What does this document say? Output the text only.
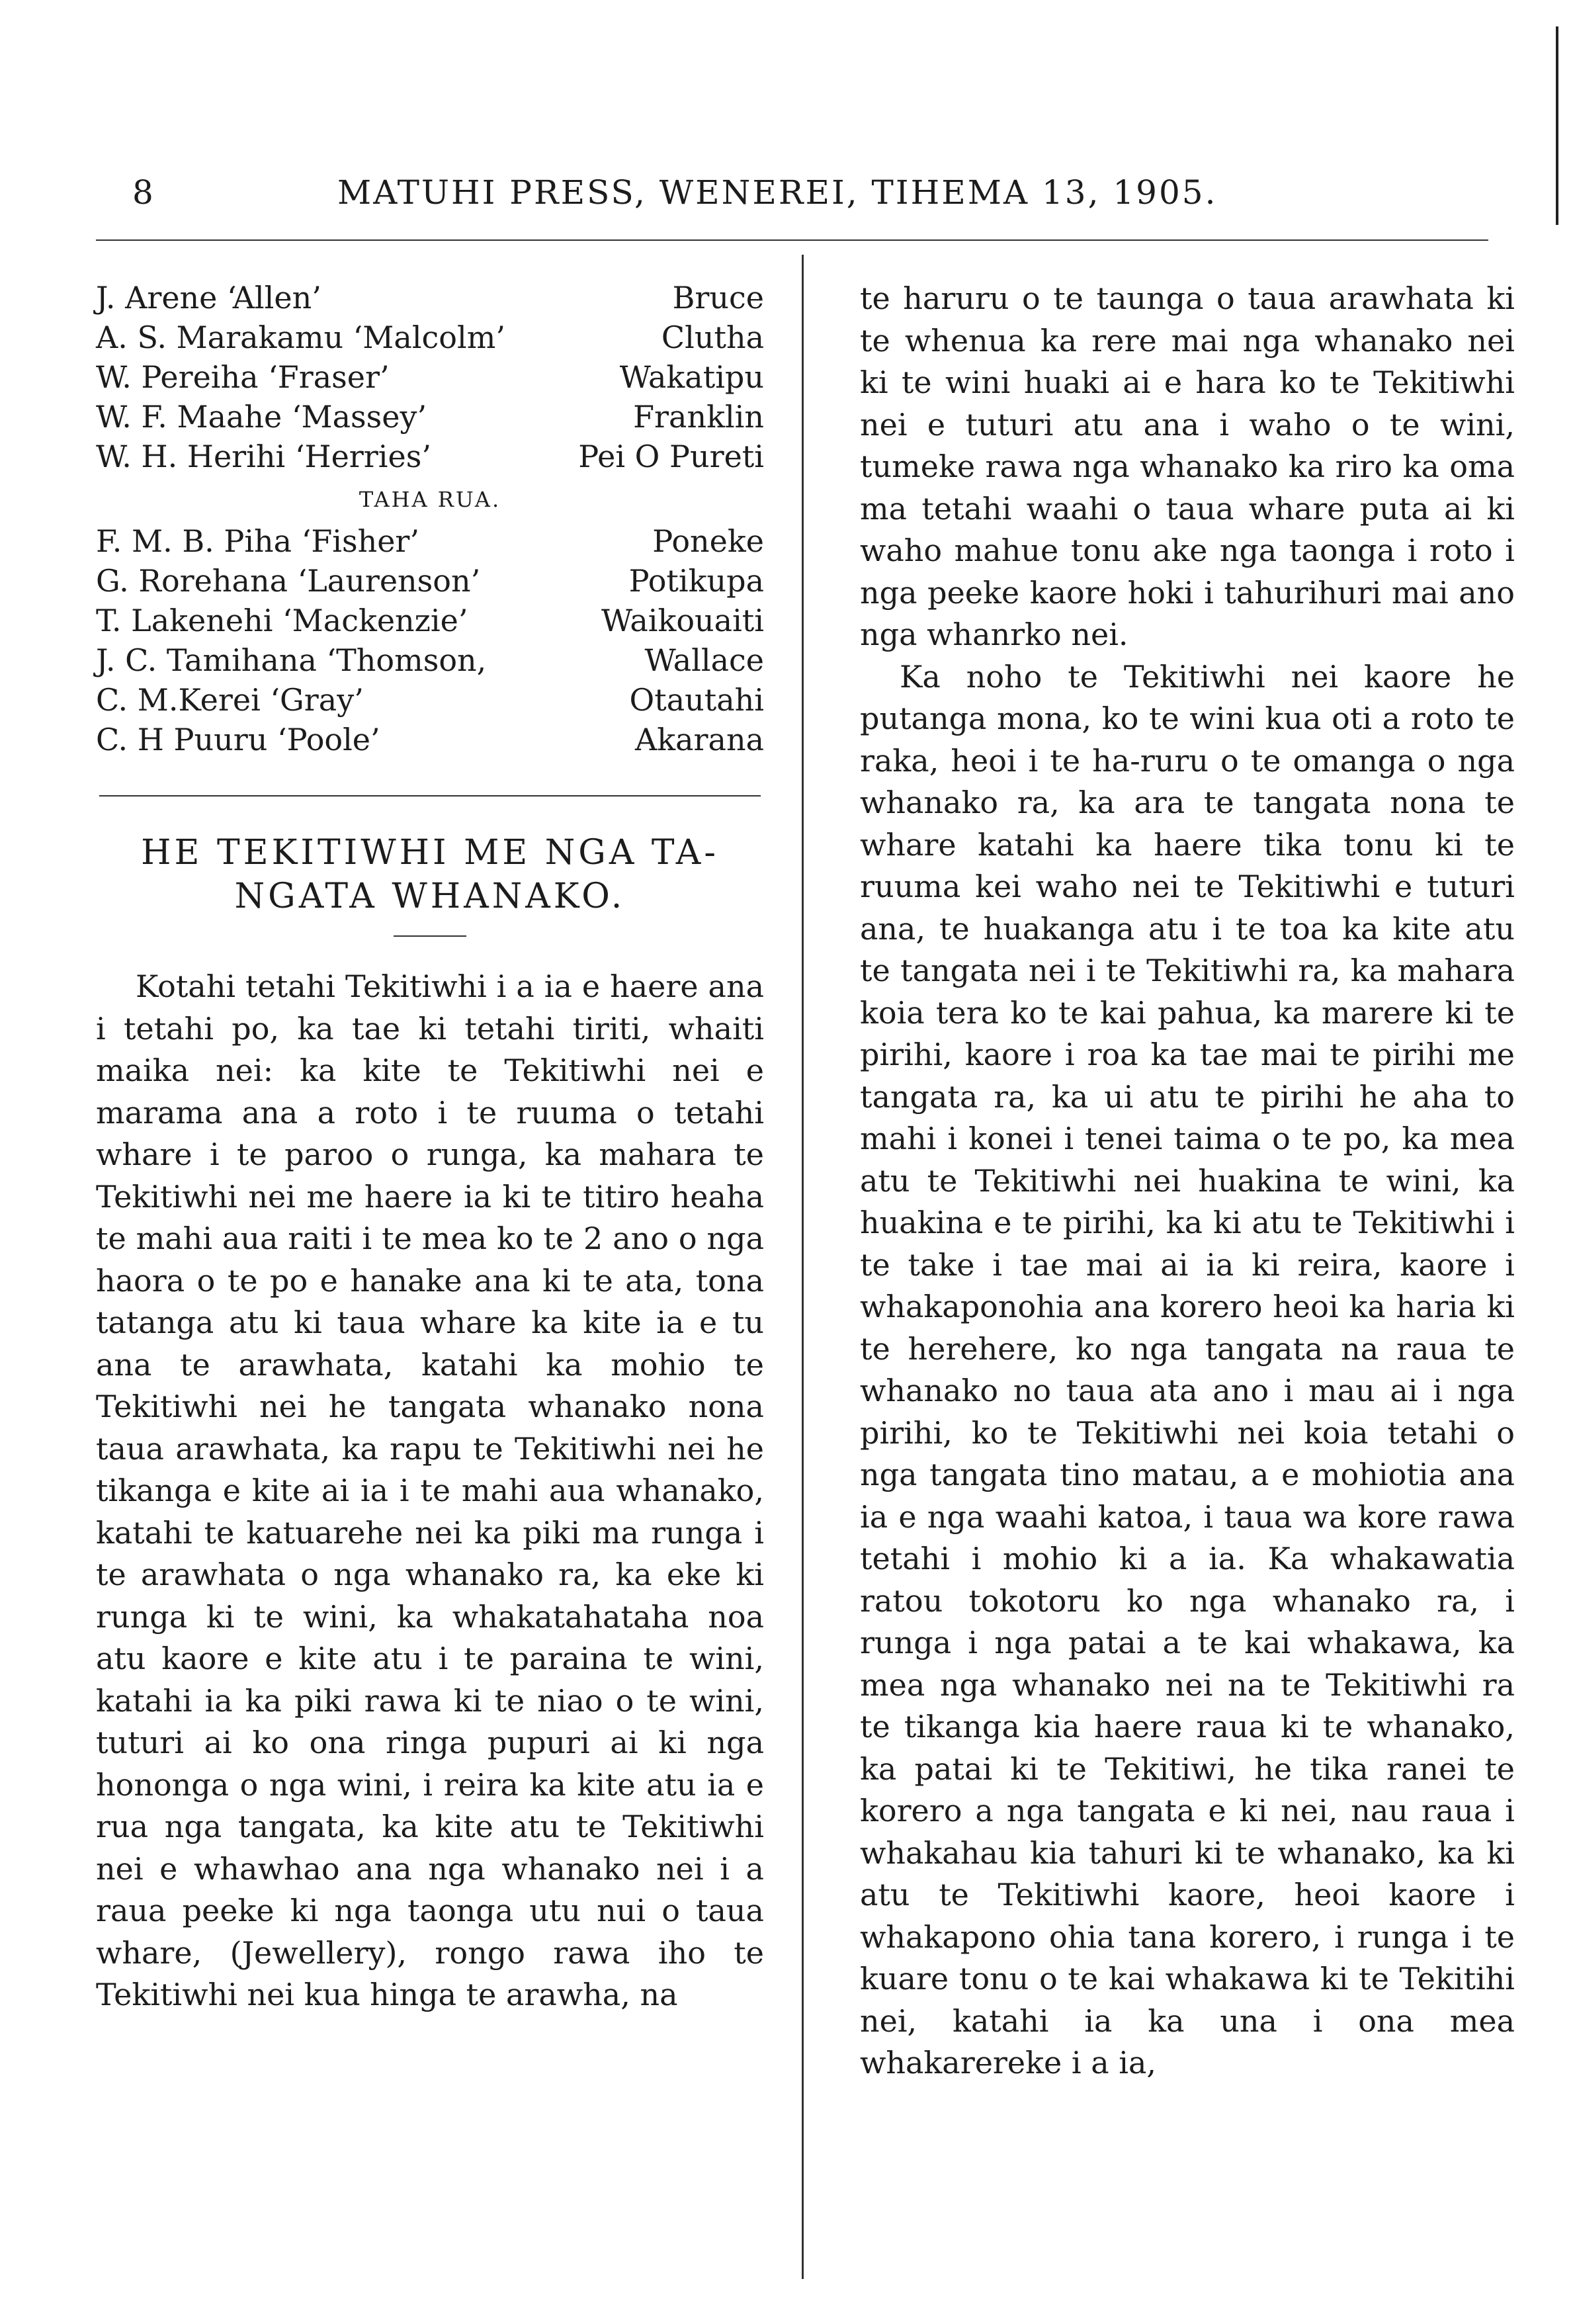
8	MATUHI PRESS, WENEREI, TIHEMA 13, 1905.
J. Arene ‘Allen’	Bruce
A. S. Marakamu ‘Malcolm’	Clutha
W. Pereiha ‘Fraser’	Wakatipu
W. F. Maahe ‘Massey’	Franklin
W. H. Herihi ‘Herries’	Pei O Pureti
TAHA RUA.
F. M. B. Piha ‘Fisher’	Poneke
G. Rorehana ‘Laurenson’	Potikupa
T. Lakenehi ‘Mackenzie’	Waikouaiti
J. C. Tamihana ‘Thomson,	Wallace
C. M.Kerei ‘Gray’	Otautahi
C. H Puuru ‘Poole’	Akarana
HE TEKITIWHI ME NGA TA-
NGATA WHANAKO.

Kotahi tetahi Tekitiwhi i a ia e haere ana i tetahi po, ka tae ki tetahi tiriti, whaiti maika nei: ka kite te Tekitiwhi nei e marama ana a roto i te ruuma o tetahi whare i te paroo o runga, ka mahara te Tekitiwhi nei me haere ia ki te titiro heaha te mahi aua raiti i te mea ko te 2 ano o nga haora o te po e hanake ana ki te ata, tona tatanga atu ki taua whare ka kite ia e tu ana te arawhata, katahi ka mohio te Tekitiwhi nei he tangata whanako nona taua arawhata, ka rapu te Tekitiwhi nei he tikanga e kite ai ia i te mahi aua whanako, katahi te katuarehe nei ka piki ma runga i te arawhata o nga whanako ra, ka eke ki runga ki te wini, ka whakatahataha noa atu kaore e kite atu i te paraina te wini, katahi ia ka piki rawa ki te niao o te wini, tuturi ai ko ona ringa pupuri ai ki nga hononga o nga wini, i reira ka kite atu ia e rua nga tangata, ka kite atu te Tekitiwhi nei e whawhao ana nga whanako nei i a raua peeke ki nga taonga utu nui o taua whare, (Jewellery), rongo rawa iho te Tekitiwhi nei kua hinga te arawha, na

te haruru o te taunga o taua arawhata ki te whenua ka rere mai nga whanako nei ki te wini huaki ai e hara ko te Tekitiwhi nei e tuturi atu ana i waho o te wini, tumeke rawa nga whanako ka riro ka oma ma tetahi waahi o taua whare puta ai ki waho mahue tonu ake nga taonga i roto i nga peeke kaore hoki i tahurihuri mai ano nga whanrko nei.

Ka noho te Tekitiwhi nei kaore he putanga mona, ko te wini kua oti a roto te raka, heoi i te ha-ruru o te omanga o nga whanako ra, ka ara te tangata nona te whare katahi ka haere tika tonu ki te ruuma kei waho nei te Tekitiwhi e tuturi ana, te huakanga atu i te toa ka kite atu te tangata nei i te Tekitiwhi ra, ka mahara koia tera ko te kai pahua, ka marere ki te pirihi, kaore i roa ka tae mai te pirihi me tangata ra, ka ui atu te pirihi he aha to mahi i konei i tenei taima o te po, ka mea atu te Tekitiwhi nei huakina te wini, ka huakina e te pirihi, ka ki atu te Tekitiwhi i te take i tae mai ai ia ki reira, kaore i whakaponohia ana korero heoi ka haria ki te herehere, ko nga tangata na raua te whanako no taua ata ano i mau ai i nga pirihi, ko te Tekitiwhi nei koia tetahi o nga tangata tino matau, a e mohiotia ana ia e nga waahi katoa, i taua wa kore rawa tetahi i mohio ki a ia. Ka whakawatia ratou tokotoru ko nga whanako ra, i runga i nga patai a te kai whakawa, ka mea nga whanako nei na te Tekitiwhi ra te tikanga kia haere raua ki te whanako, ka patai ki te Tekitiwi, he tika ranei te korero a nga tangata e ki nei, nau raua i whakahau kia tahuri ki te whanako, ka ki atu te Tekitiwhi kaore, heoi kaore i whakapono ohia tana korero, i runga i te kuare tonu o te kai whakawa ki te Tekitihi nei, katahi ia ka una i ona mea whakarereke i a ia,
